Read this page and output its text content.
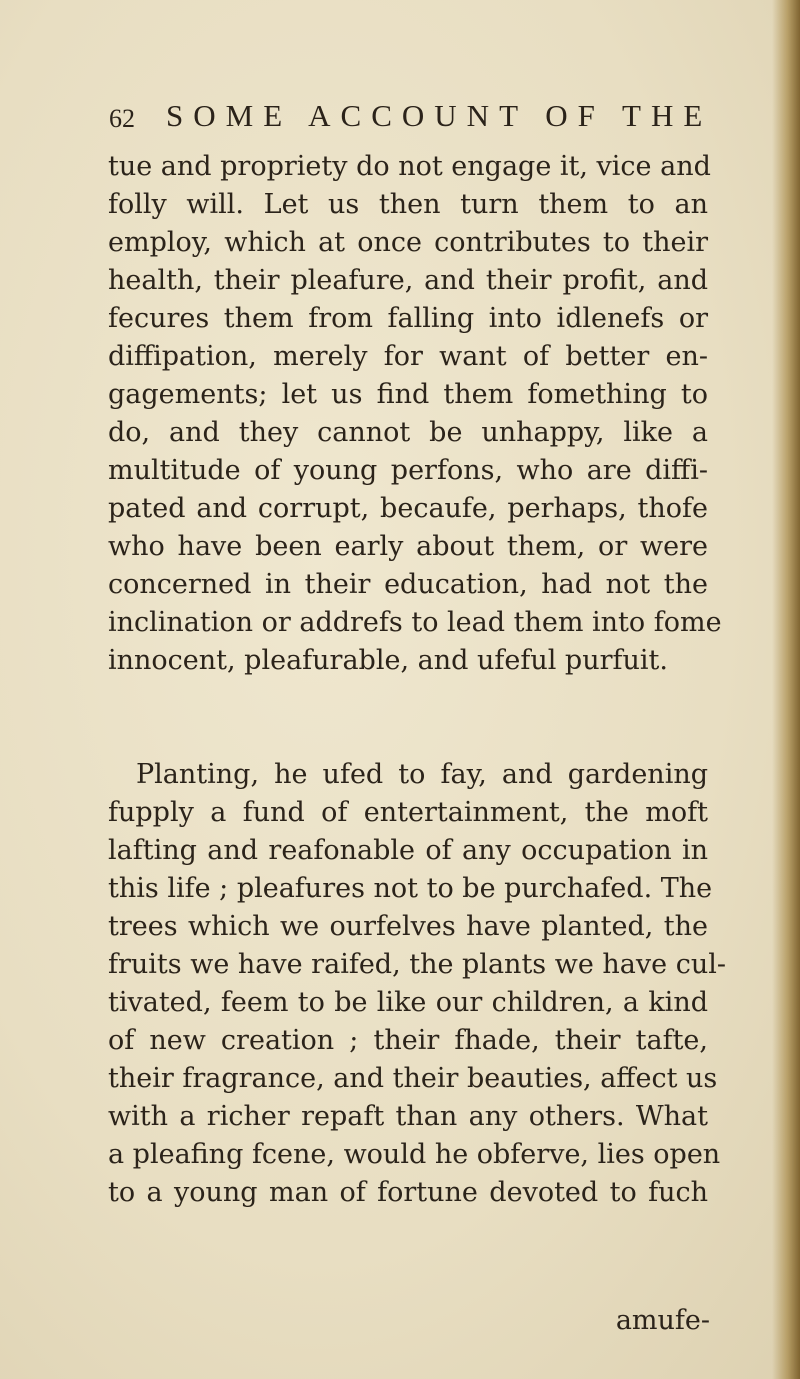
62 SOME ACCOUNT OF THE
tue and propriety do not engage it, vice and
folly will. Let us then turn them to an
employ, which at once contributes to their
health, their pleafure, and their profit, and
fecures them from falling into idlenefs or
diffipation, merely for want of better en-
gagements; let us find them fomething to
do, and they cannot be unhappy, like a
multitude of young perfons, who are diffi-
pated and corrupt, becaufe, perhaps, thofe
who have been early about them, or were
concerned in their education, had not the
inclination or addrefs to lead them into fome
innocent, pleafurable, and ufeful purfuit.
Planting, he ufed to fay, and gardening
fupply a fund of entertainment, the moft
lafting and reafonable of any occupation in
this life ; pleafures not to be purchafed. The
trees which we ourfelves have planted, the
fruits we have raifed, the plants we have cul-
tivated, feem to be like our children, a kind
of new creation ; their fhade, their tafte,
their fragrance, and their beauties, affect us
with a richer repaft than any others. What
a pleafing fcene, would he obferve, lies open
to a young man of fortune devoted to fuch
amufe-
